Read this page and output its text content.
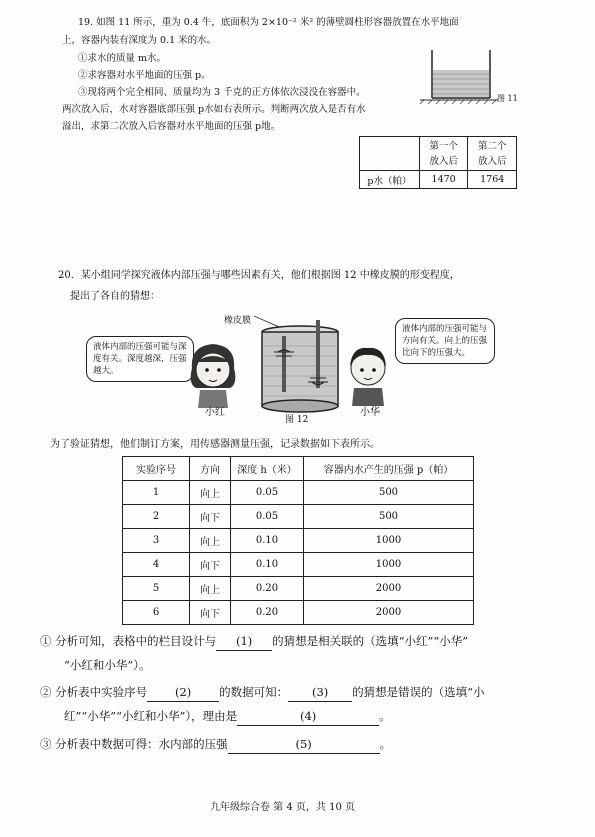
19. 如图 11 所示，重为 0.4 牛，底面积为 2×10⁻² 米² 的薄壁圆柱形容器放置在水平地面
上，容器内装有深度为 0.1 米的水。
①求水的质量 m水。
②求容器对水平地面的压强 p。
③现将两个完全相同、质量均为 3 千克的正方体依次浸没在容器中。
两次放入后，水对容器底部压强 p水如右表所示。判断两次放入是否有水
溢出，求第二次放入后容器对水平地面的压强 p地。
图 11

	第一个放入后	第二个放入后

p水（帕）	1470	1764
20．某小组同学探究液体内部压强与哪些因素有关，他们根据图 12 中橡皮膜的形变程度，
提出了各自的猜想：
液体内部的压强可能与深度有关。深度越深，压强越大。
小红
橡皮膜
图 12
小华
液体内部的压强可能与方向有关。向上的压强比向下的压强大。
为了验证猜想，他们制订方案，用传感器测量压强，记录数据如下表所示。
实验序号	方向	深度 h（米）	容器内水产生的压强 p（帕）
1	向上	0.05	500
2	向下	0.05	500
3	向上	0.10	1000
4	向下	0.10	1000
5	向上	0.20	2000
6	向下	0.20	2000
① 分析可知，表格中的栏目设计与 (1) 的猜想是相关联的（选填“小红”“小华”
“小红和小华”）。
② 分析表中实验序号 (2) 的数据可知： (3) 的猜想是错误的（选填“小
红”“小华”“小红和小华”），理由是	(4)	。
③ 分析表中数据可得：水内部的压强	(5)	。
九年级综合卷 第 4 页，共 10 页
